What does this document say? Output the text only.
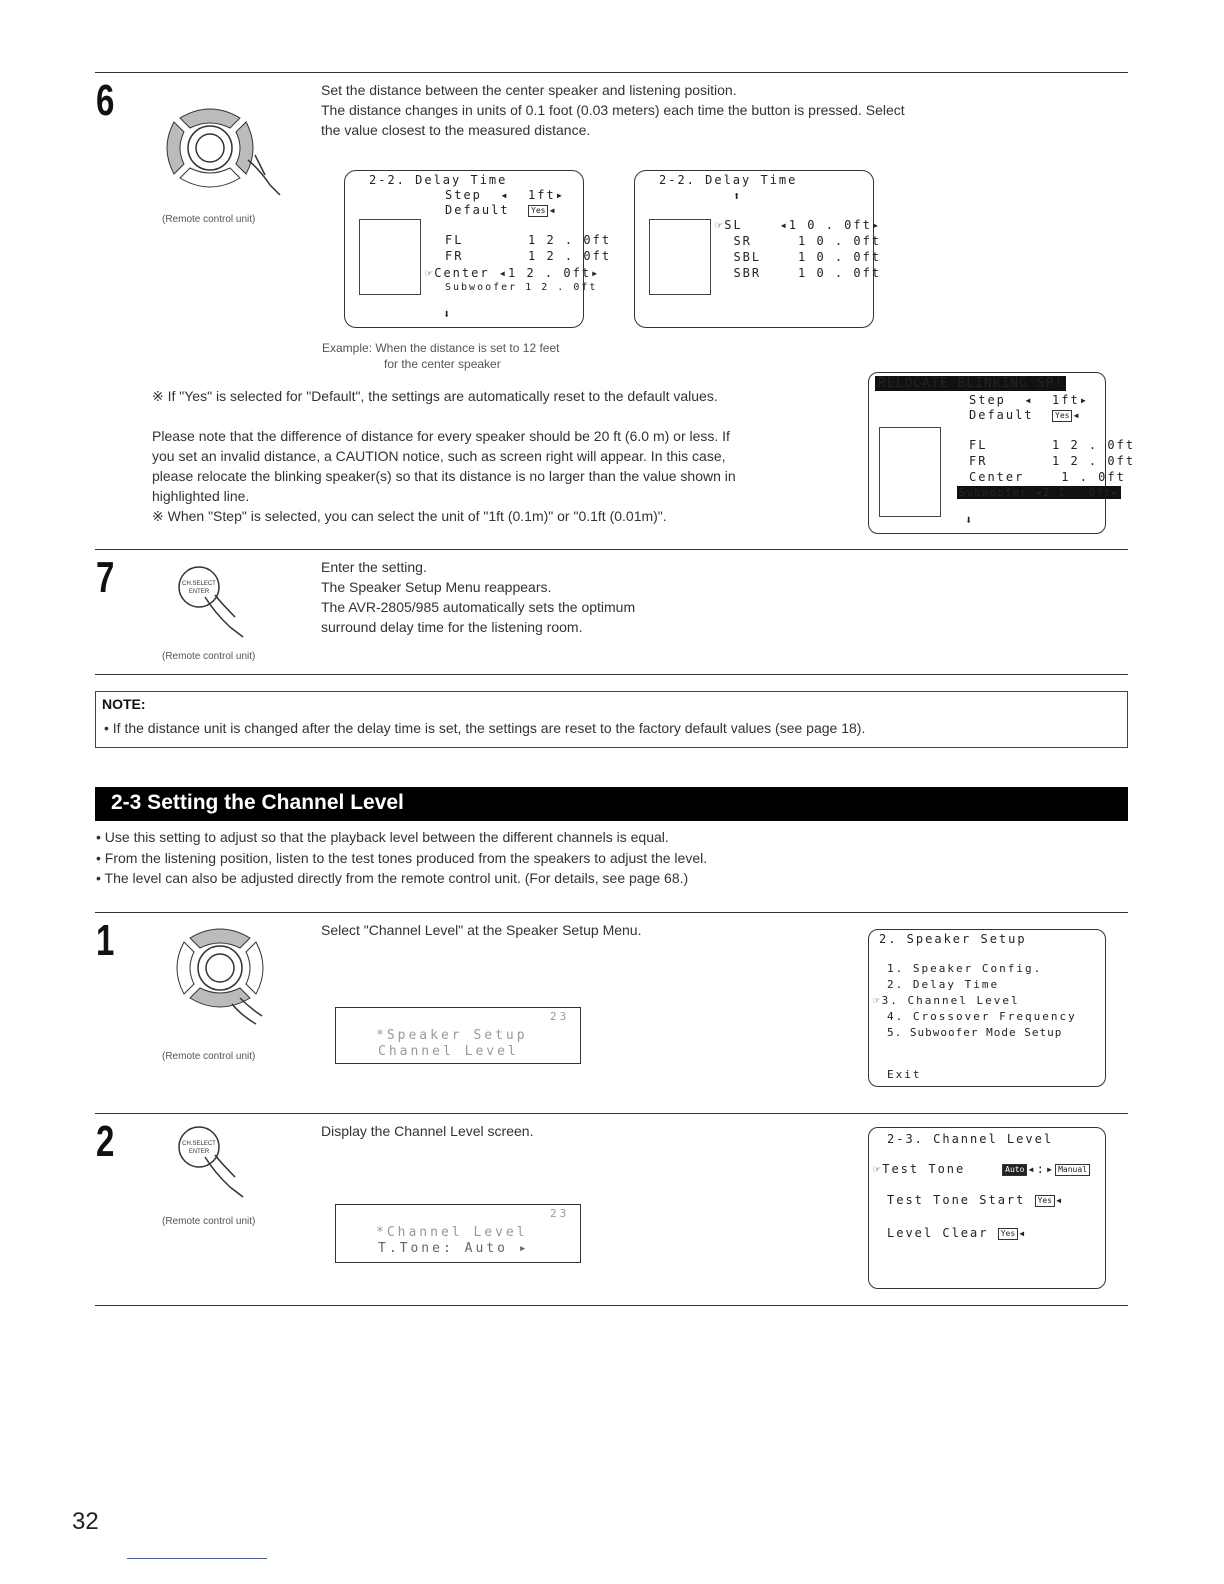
6
(Remote control unit)
Set the distance between the center speaker and listening position.
The distance changes in units of 0.1 foot (0.03 meters) each time the button is pressed. Select
the value closest to the measured distance.
2-2. Delay Time
Step  ◂  1ft▸
Default	Yes ◂
FL       1 2 . 0ft
FR       1 2 . 0ft
☞Center ◂1 2 . 0ft▸
Subwoofer 1 2 . 0ft
⬇
2-2. Delay Time
⬆
☞SL    ◂1 0 . 0ft▸
SR     1 0 . 0ft
SBL    1 0 . 0ft
SBR    1 0 . 0ft
Example: When the distance is set to 12 feet
for the center speaker
※ If "Yes" is selected for "Default", the settings are automatically reset to the default values.
Please note that the difference of distance for every speaker should be 20 ft (6.0 m) or less. If
you set an invalid distance, a CAUTION notice, such as screen right will appear. In this case,
please relocate the blinking speaker(s) so that its distance is no larger than the value shown in
highlighted line.
※ When "Step" is selected, you can select the unit of "1ft (0.1m)" or "0.1ft (0.01m)".
RELOCATE BLINKING SP!
Step  ◂  1ft▸
Default	Yes ◂
FL       1 2 . 0ft
FR       1 2 . 0ft
Center    1 . 0ft
Subwoofer ◂2 1 . 0ft▸
⬇
7	CH.SELECT
ENTER
(Remote control unit)
Enter the setting.
The Speaker Setup Menu reappears.
The AVR-2805/985 automatically sets the optimum
surround delay time for the listening room.
NOTE:
• If the distance unit is changed after the delay time is set, the settings are reset to the factory default values (see page 18).
2-3 Setting the Channel Level
• Use this setting to adjust so that the playback level between the different channels is equal.
• From the listening position, listen to the test tones produced from the speakers to adjust the level.
• The level can also be adjusted directly from the remote control unit. (For details, see page 68.)
1
(Remote control unit)
Select "Channel Level" at the Speaker Setup Menu.
23
*Speaker Setup
Channel Level
2. Speaker Setup
1. Speaker Config.
2. Delay Time
☞3. Channel Level
4. Crossover Frequency
5. Subwoofer Mode Setup
Exit
2	CH.SELECT
ENTER
(Remote control unit)
Display the Channel Level screen.
23
*Channel Level
T.Tone: Auto ▸
2-3. Channel Level
☞Test Tone	Auto ◂:▸ Manual
Test Tone Start Yes ◂
Level Clear Yes ◂
32
